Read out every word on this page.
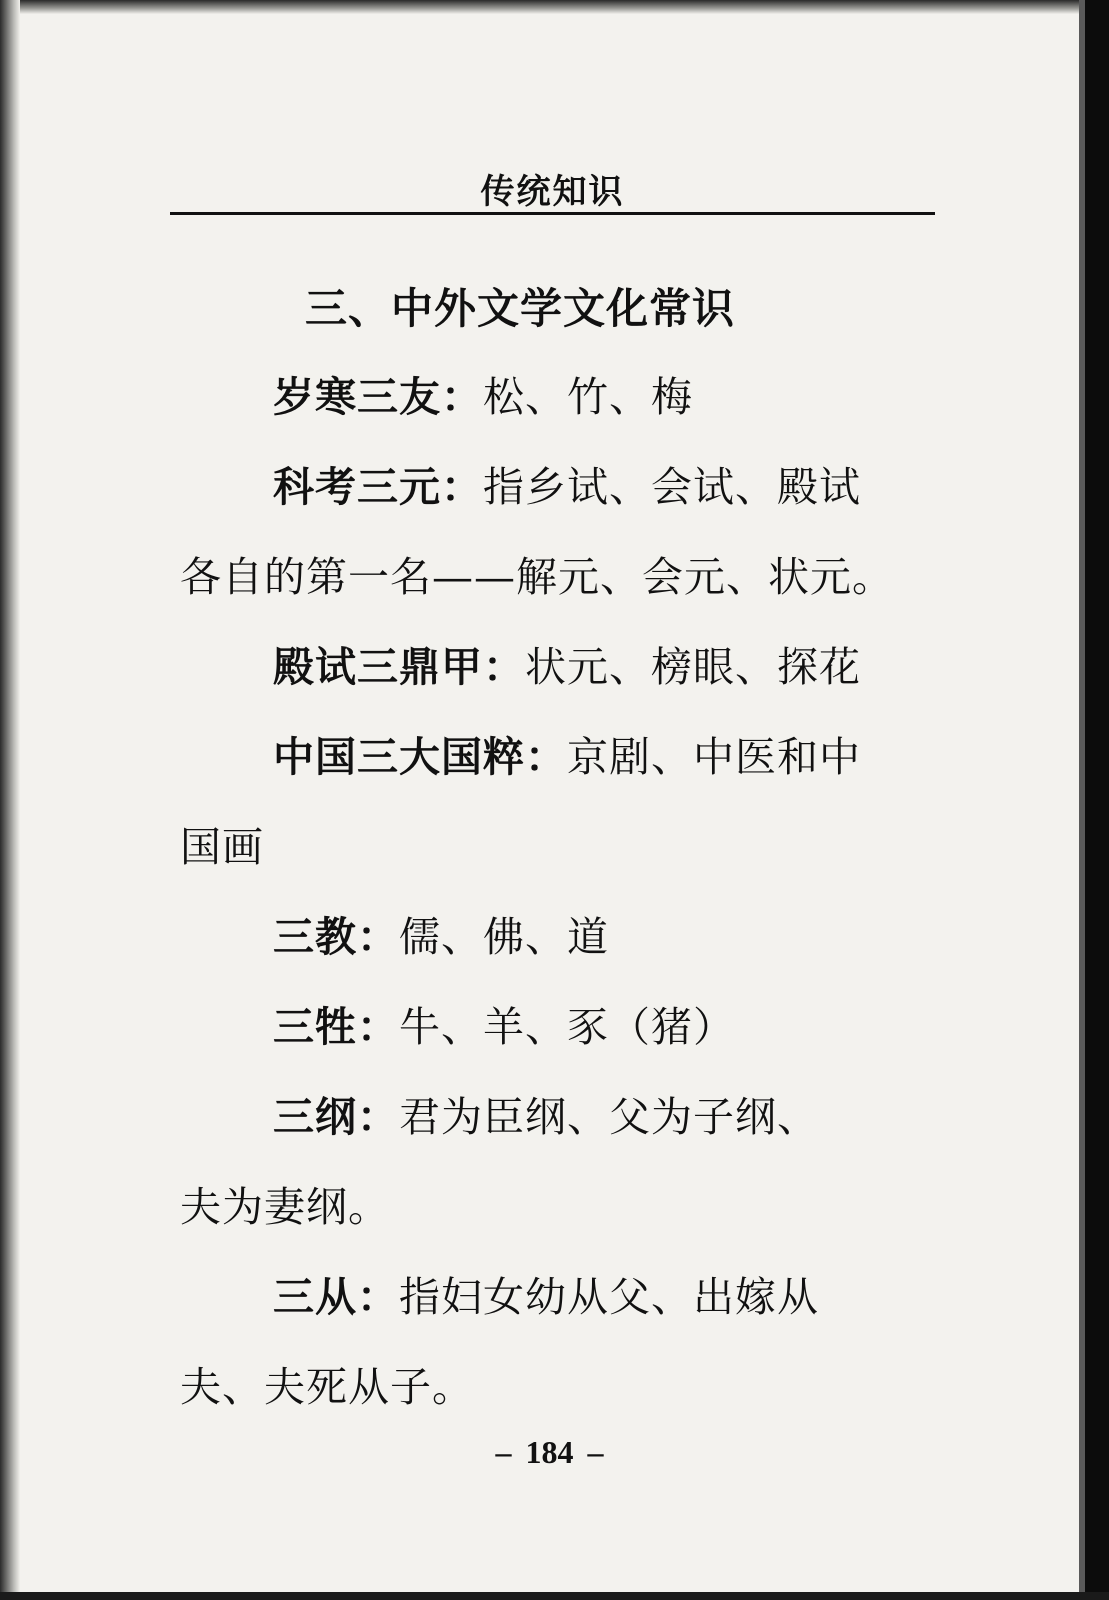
传统知识
三、中外文学文化常识
岁寒三友：松、竹、梅
科考三元：指乡试、会试、殿试
各自的第一名——解元、会元、状元。
殿试三鼎甲：状元、榜眼、探花
中国三大国粹：京剧、中医和中
国画
三教：儒、佛、道
三牲：牛、羊、豕（猪）
三纲：君为臣纲、父为子纲、
夫为妻纲。
三从：指妇女幼从父、出嫁从
夫、夫死从子。
– 184 –
